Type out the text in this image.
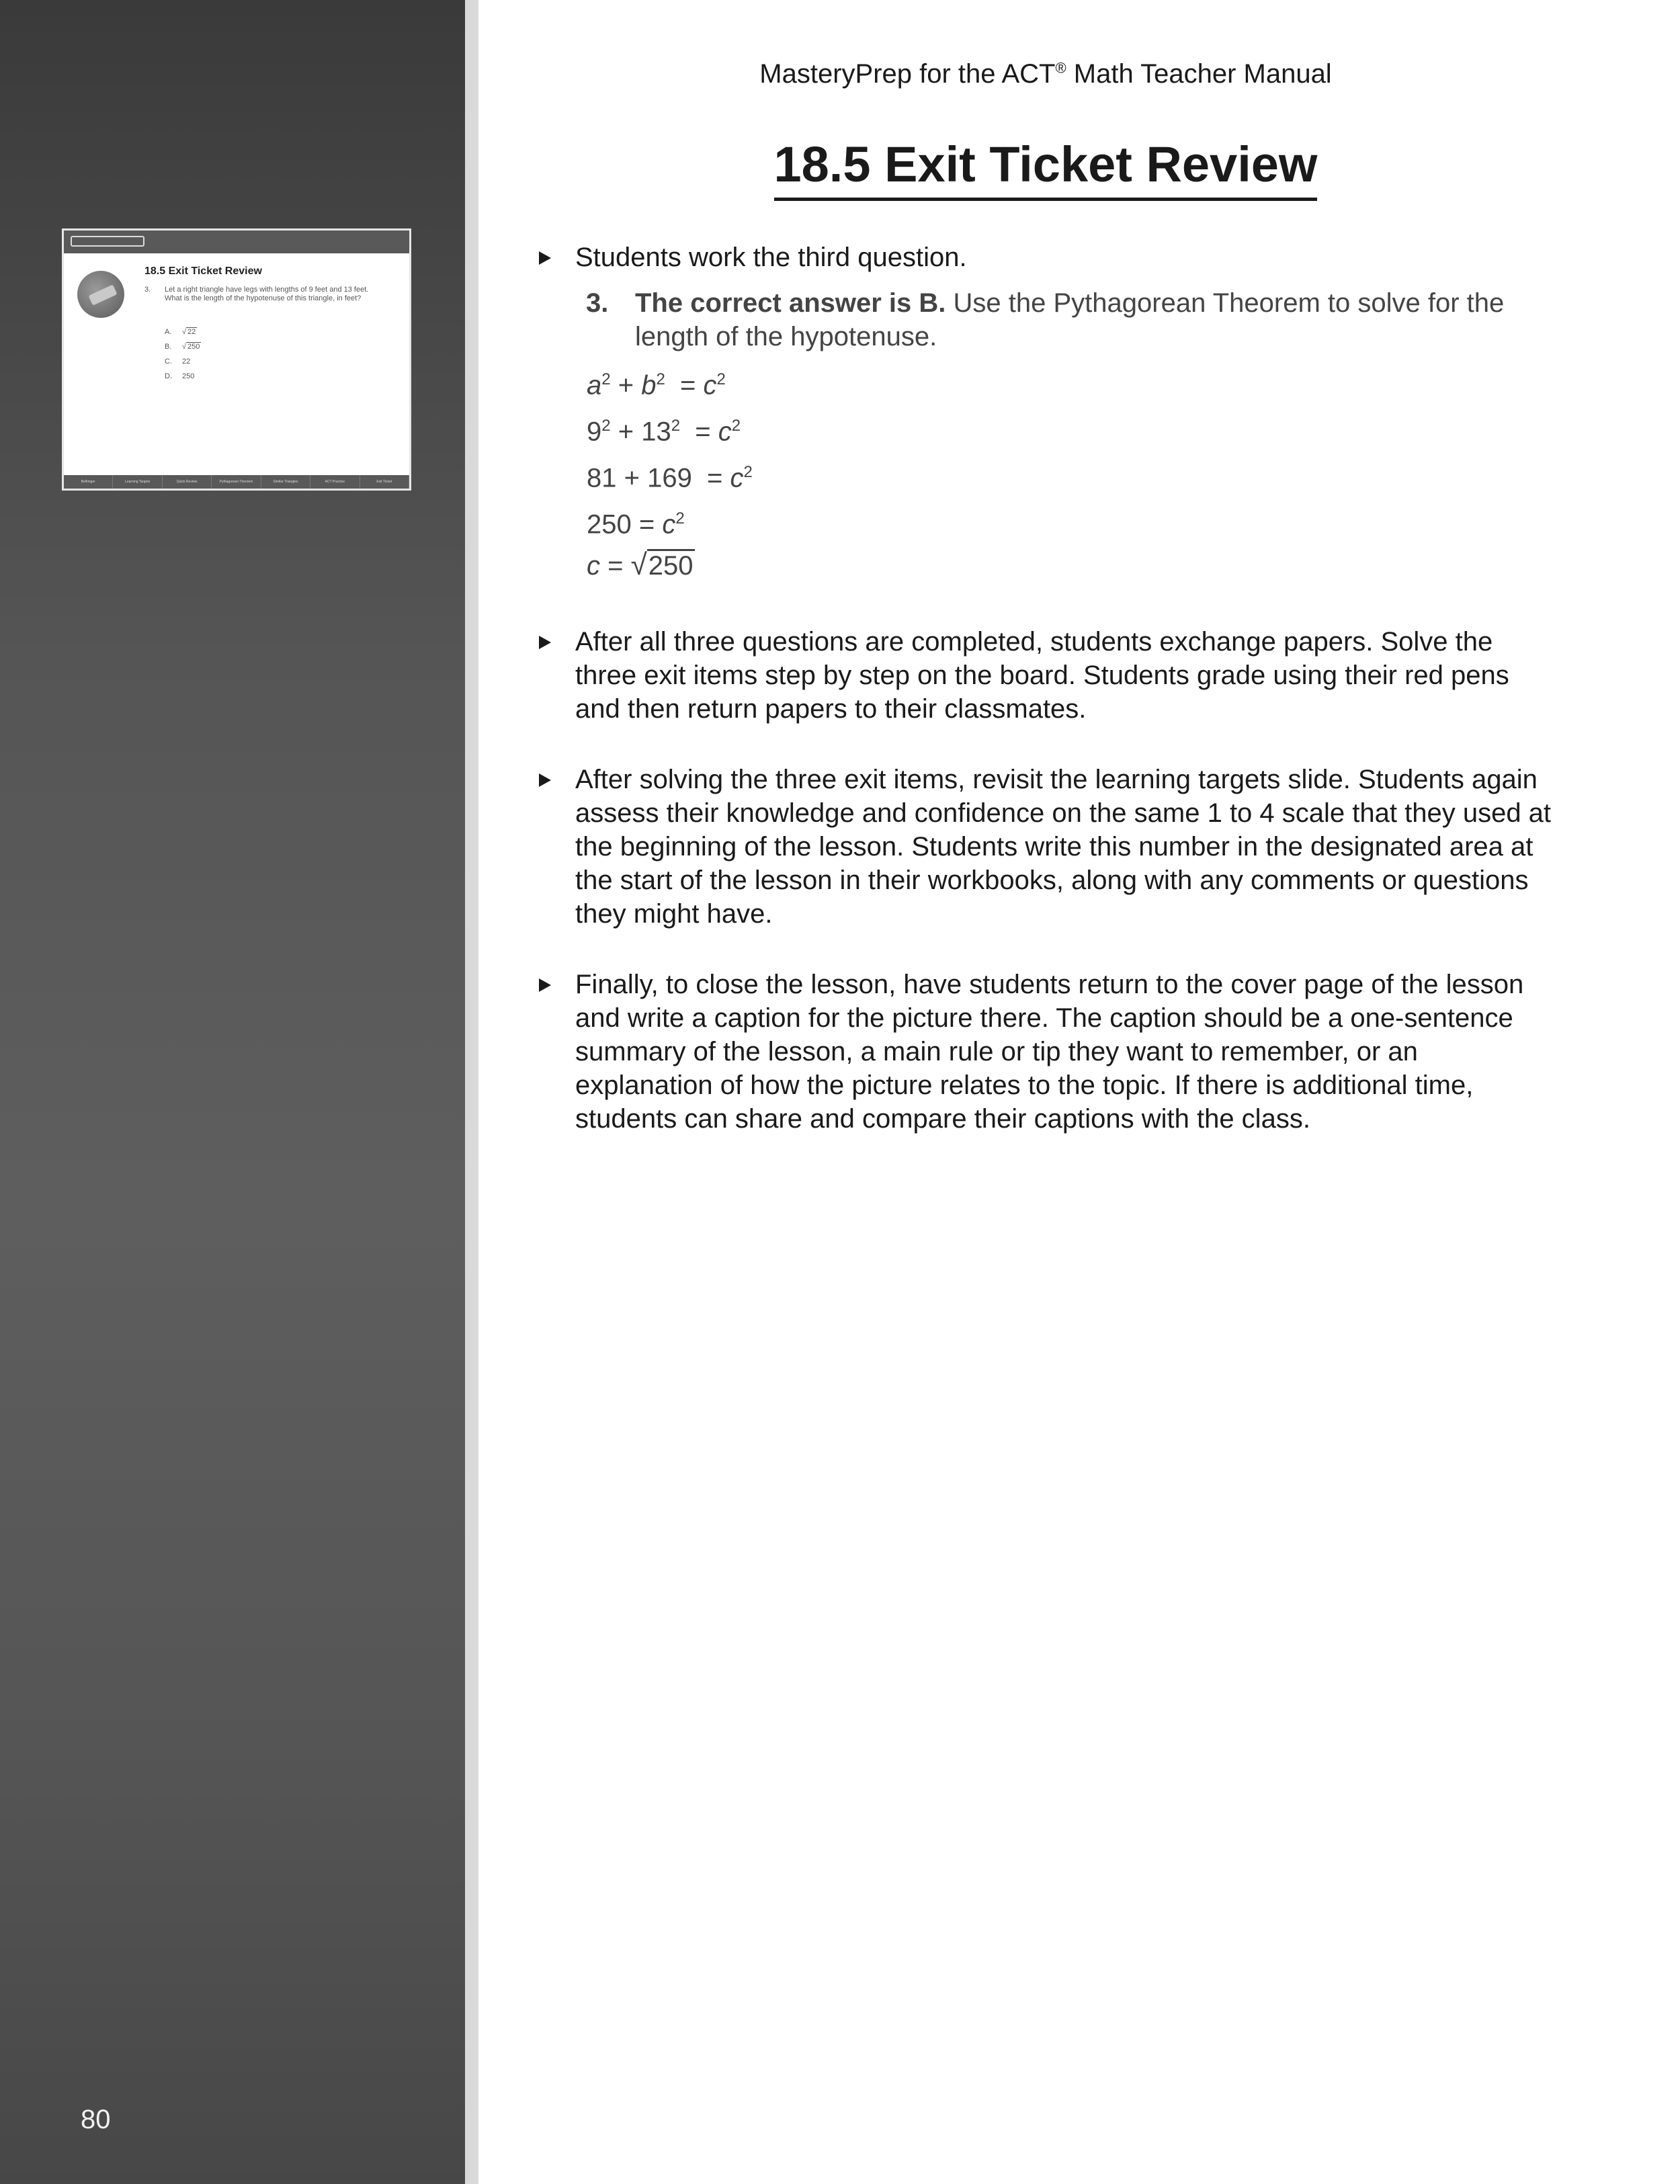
80
18.5 Exit Ticket Review
3. Let a right triangle have legs with lengths of 9 feet and 13 feet. What is the length of the hypotenuse of this triangle, in feet?
A. √ 22
B. √ 250
C. 22
D. 250
Bellringer	Learning Targets	Quick Review	Pythagorean Theorem	Similar Triangles	ACT Practice	Exit Ticket
MasteryPrep for the ACT® Math Teacher Manual
18.5 Exit Ticket Review
Students work the third question.
3. The correct answer is B. Use the Pythagorean Theorem to solve for the length of the hypotenuse.
$a^2 + b^2 = c^2$
$9^2 + 13^2 = c^2$
$81 + 169 = c^2$
$250 = c^2$
c = √250
After all three questions are completed, students exchange papers. Solve the three exit items step by step on the board. Students grade using their red pens and then return papers to their classmates.
After solving the three exit items, revisit the learning targets slide. Students again assess their knowledge and confidence on the same 1 to 4 scale that they used at the beginning of the lesson. Students write this number in the designated area at the start of the lesson in their workbooks, along with any comments or questions they might have.
Finally, to close the lesson, have students return to the cover page of the lesson and write a caption for the picture there. The caption should be a one-sentence summary of the lesson, a main rule or tip they want to remember, or an explanation of how the picture relates to the topic. If there is additional time, students can share and compare their captions with the class.
